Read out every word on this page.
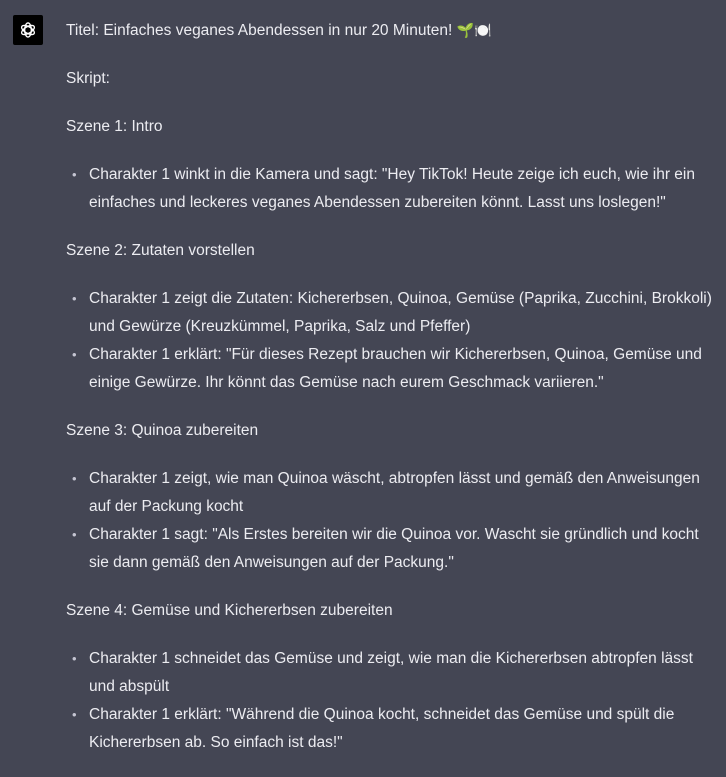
Titel: Einfaches veganes Abendessen in nur 20 Minuten! 🌱🍽️

Skript:

Szene 1: Intro

• Charakter 1 winkt in die Kamera und sagt: "Hey TikTok! Heute zeige ich euch, wie ihr ein
einfaches und leckeres veganes Abendessen zubereiten könnt. Lasst uns loslegen!"

Szene 2: Zutaten vorstellen

• Charakter 1 zeigt die Zutaten: Kichererbsen, Quinoa, Gemüse (Paprika, Zucchini, Brokkoli)
und Gewürze (Kreuzkümmel, Paprika, Salz und Pfeffer)
• Charakter 1 erklärt: "Für dieses Rezept brauchen wir Kichererbsen, Quinoa, Gemüse und
einige Gewürze. Ihr könnt das Gemüse nach eurem Geschmack variieren."

Szene 3: Quinoa zubereiten

• Charakter 1 zeigt, wie man Quinoa wäscht, abtropfen lässt und gemäß den Anweisungen
auf der Packung kocht
• Charakter 1 sagt: "Als Erstes bereiten wir die Quinoa vor. Wascht sie gründlich und kocht
sie dann gemäß den Anweisungen auf der Packung."

Szene 4: Gemüse und Kichererbsen zubereiten

• Charakter 1 schneidet das Gemüse und zeigt, wie man die Kichererbsen abtropfen lässt
und abspült
• Charakter 1 erklärt: "Während die Quinoa kocht, schneidet das Gemüse und spült die
Kichererbsen ab. So einfach ist das!"
